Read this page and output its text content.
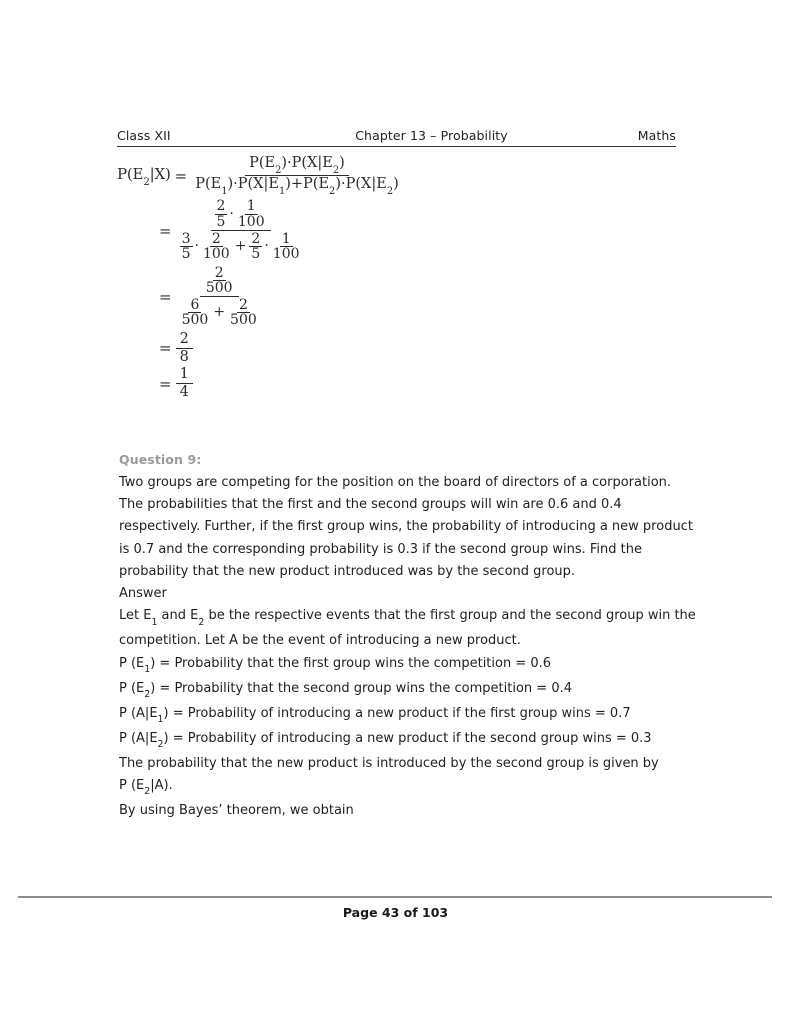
Class XII	Chapter 13 – Probability	Maths
$P(E_2|X) = \frac{P(E_2)\cdot P(X|E_2)}{P(E_1)\cdot P(X|E_1)+P(E_2)\cdot P(X|E_2)}$
=
2
5 · 1
100
3
5 · 2
$100 + \frac{2}{5} \cdot 1$
100
=
2
500
6
$500 + \frac{2}{500}$
= $\frac{2}{8}$
= $\frac{1}{4}$
Question 9:

Two groups are competing for the position on the board of directors of a corporation.

The probabilities that the first and the second groups will win are 0.6 and 0.4

respectively. Further, if the first group wins, the probability of introducing a new product

is 0.7 and the corresponding probability is 0.3 if the second group wins. Find the

probability that the new product introduced was by the second group.

Answer

Let $E_1$ and $E_2$ be the respective events that the first group and the second group win the

competition. Let A be the event of introducing a new product.

P $(E_1)$ = Probability that the first group wins the competition = 0.6

P $(E_2)$ = Probability that the second group wins the competition = 0.4

P $(A|E_1)$ = Probability of introducing a new product if the first group wins = 0.7

P $(A|E_2)$ = Probability of introducing a new product if the second group wins = 0.3

The probability that the new product is introduced by the second group is given by

P $(E_2|A)$.

By using Bayes’ theorem, we obtain

Page 43 of 103
